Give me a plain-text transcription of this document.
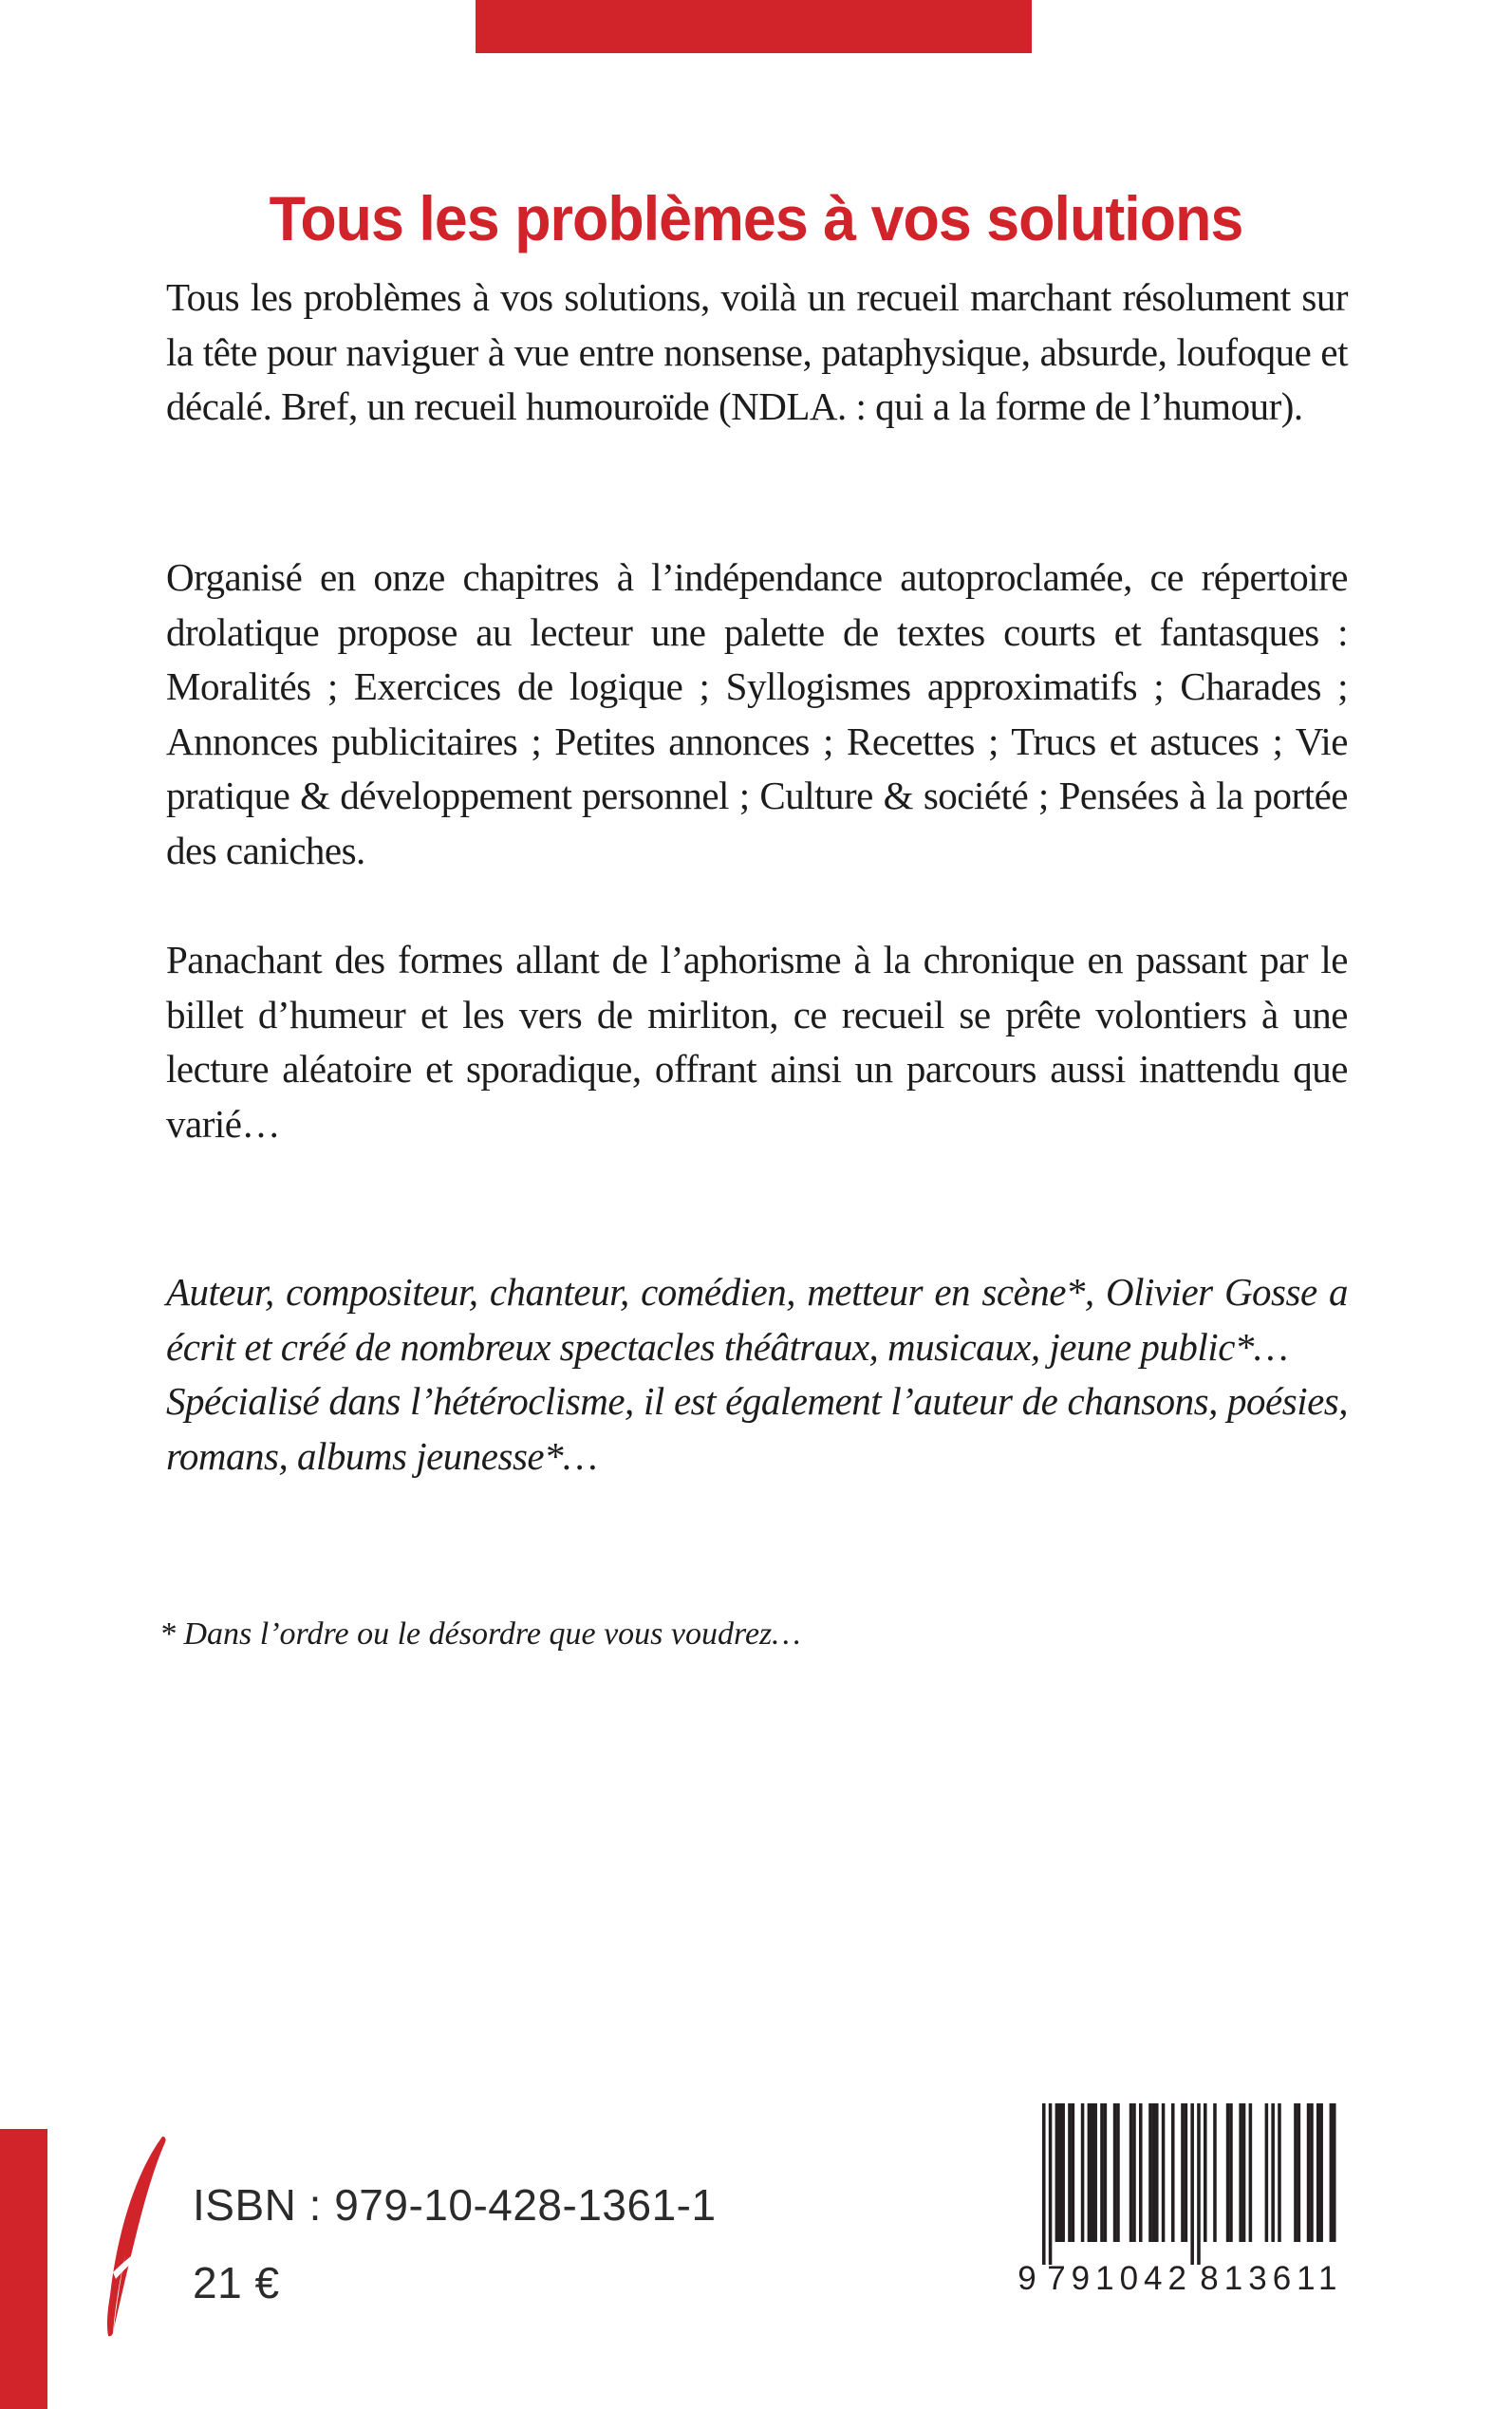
Tous les problèmes à vos solutions

Tous les problèmes à vos solutions, voilà un recueil marchant résolument sur la tête pour naviguer à vue entre nonsense, pataphysique, absurde, loufoque et décalé. Bref, un recueil humouroïde (NDLA. : qui a la forme de l’humour).

Organisé en onze chapitres à l’indépendance autoproclamée, ce répertoire drolatique propose au lecteur une palette de textes courts et fantasques : Moralités ; Exercices de logique ; Syllogismes approximatifs ; Charades ; Annonces publicitaires ; Petites annonces ; Recettes ; Trucs et astuces ; Vie pratique & développement personnel ; Culture & société ; Pensées à la portée des caniches.

Panachant des formes allant de l’aphorisme à la chronique en passant par le billet d’humeur et les vers de mirliton, ce recueil se prête volontiers à une lecture aléatoire et sporadique, offrant ainsi un parcours aussi inattendu que varié…

Auteur, compositeur, chanteur, comédien, metteur en scène*, Olivier Gosse a écrit et créé de nombreux spectacles théâtraux, musicaux, jeune public*…

Spécialisé dans l’hétéroclisme, il est également l’auteur de chansons, poésies, romans, albums jeunesse*…

* Dans l’ordre ou le désordre que vous voudrez…

ISBN : 979-10-428-1361-1
21 €	9 791042 813611
